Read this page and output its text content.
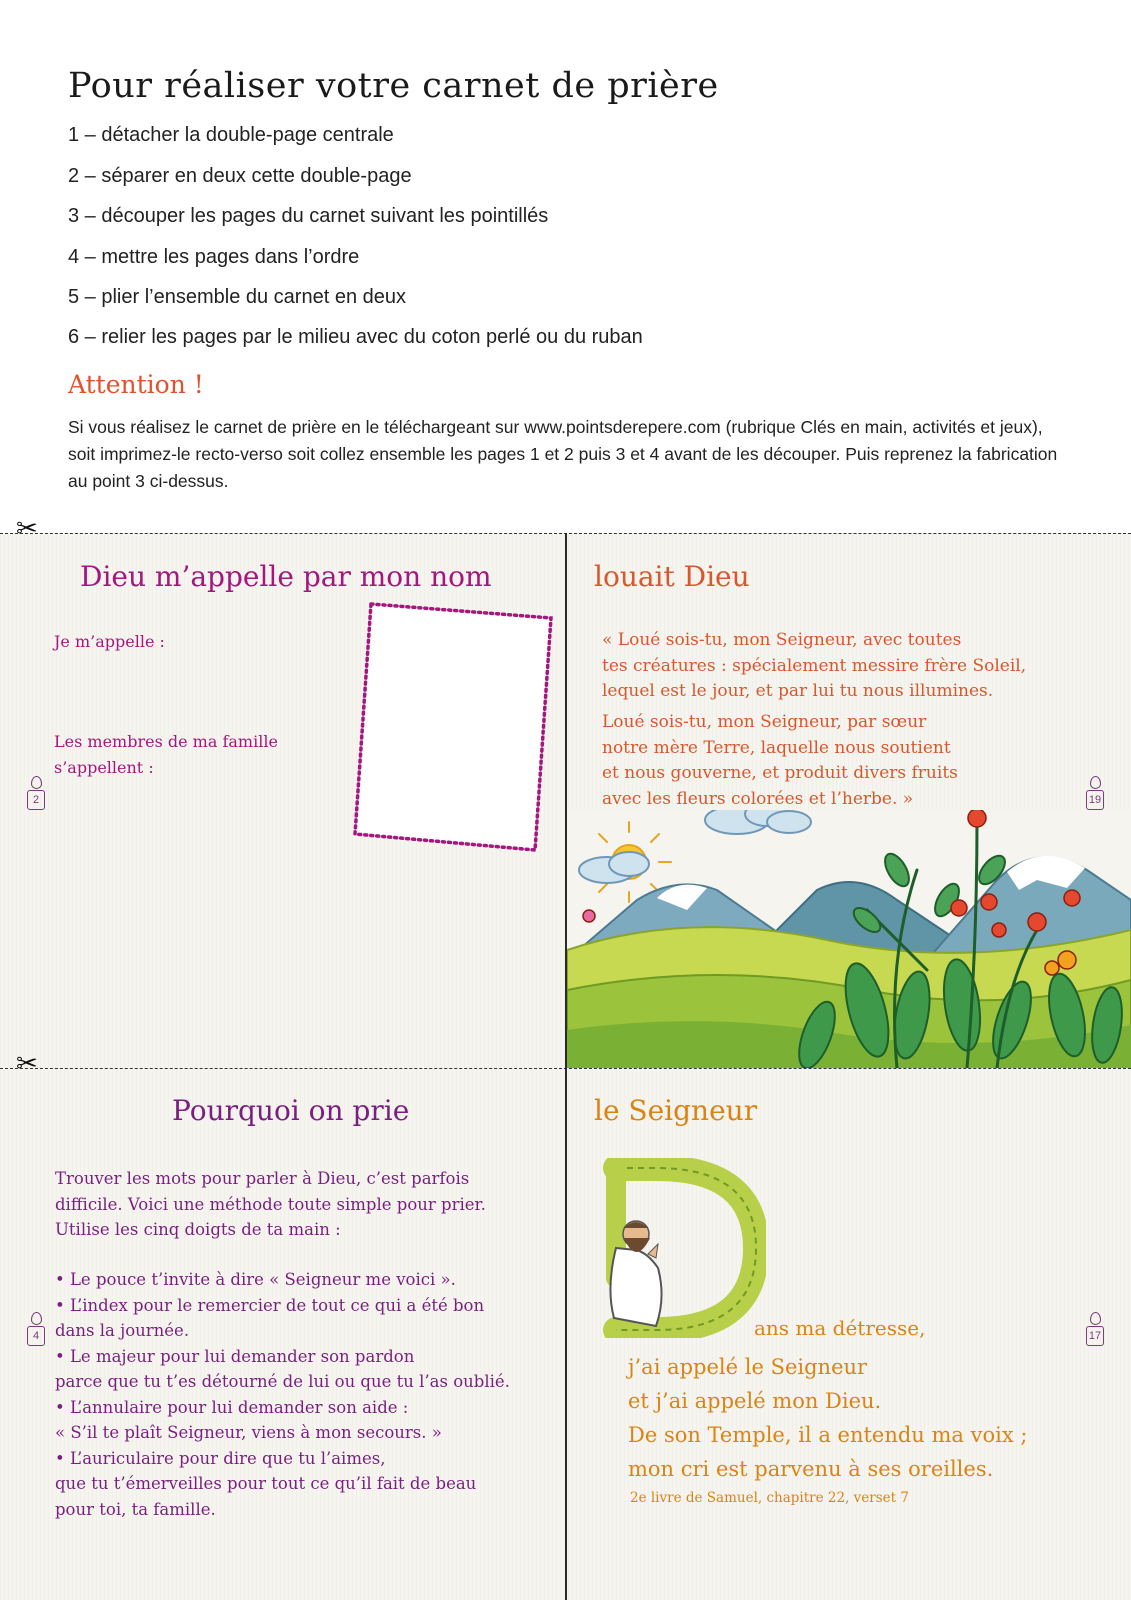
Pour réaliser votre carnet de prière
1 – détacher la double-page centrale
2 – séparer en deux cette double-page
3 – découper les pages du carnet suivant les pointillés
4 – mettre les pages dans l’ordre
5 – plier l’ensemble du carnet en deux
6 – relier les pages par le milieu avec du coton perlé ou du ruban
Attention !
Si vous réalisez le carnet de prière en le téléchargeant sur www.pointsderepere.com (rubrique Clés en main, activités et jeux), soit imprimez-le recto-verso soit collez ensemble les pages 1 et 2 puis 3 et 4 avant de les découper. Puis reprenez la fabrication au point 3 ci-dessus.
✂
✂
Dieu m’appelle par mon nom
Je m’appelle :
Les membres de ma famille
s’appellent :
2
louait Dieu
« Loué sois-tu, mon Seigneur, avec toutes
tes créatures : spécialement messire frère Soleil,
lequel est le jour, et par lui tu nous illumines.
Loué sois-tu, mon Seigneur, par sœur
notre mère Terre, laquelle nous soutient
et nous gouverne, et produit divers fruits
avec les fleurs colorées et l’herbe. »	19
Pourquoi on prie
Trouver les mots pour parler à Dieu, c’est parfois
difficile. Voici une méthode toute simple pour prier.
Utilise les cinq doigts de ta main :
• Le pouce t’invite à dire « Seigneur me voici ».
• L’index pour le remercier de tout ce qui a été bon
dans la journée.
• Le majeur pour lui demander son pardon
parce que tu t’es détourné de lui ou que tu l’as oublié.
• L’annulaire pour lui demander son aide :
« S’il te plaît Seigneur, viens à mon secours. »
• L’auriculaire pour dire que tu l’aimes,
que tu t’émerveilles pour tout ce qu’il fait de beau
pour toi, ta famille.
4
le Seigneur
D
ans ma détresse,
j’ai appelé le Seigneur
et j’ai appelé mon Dieu.
De son Temple, il a entendu ma voix ;
mon cri est parvenu à ses oreilles.
2e livre de Samuel, chapitre 22, verset 7
17
